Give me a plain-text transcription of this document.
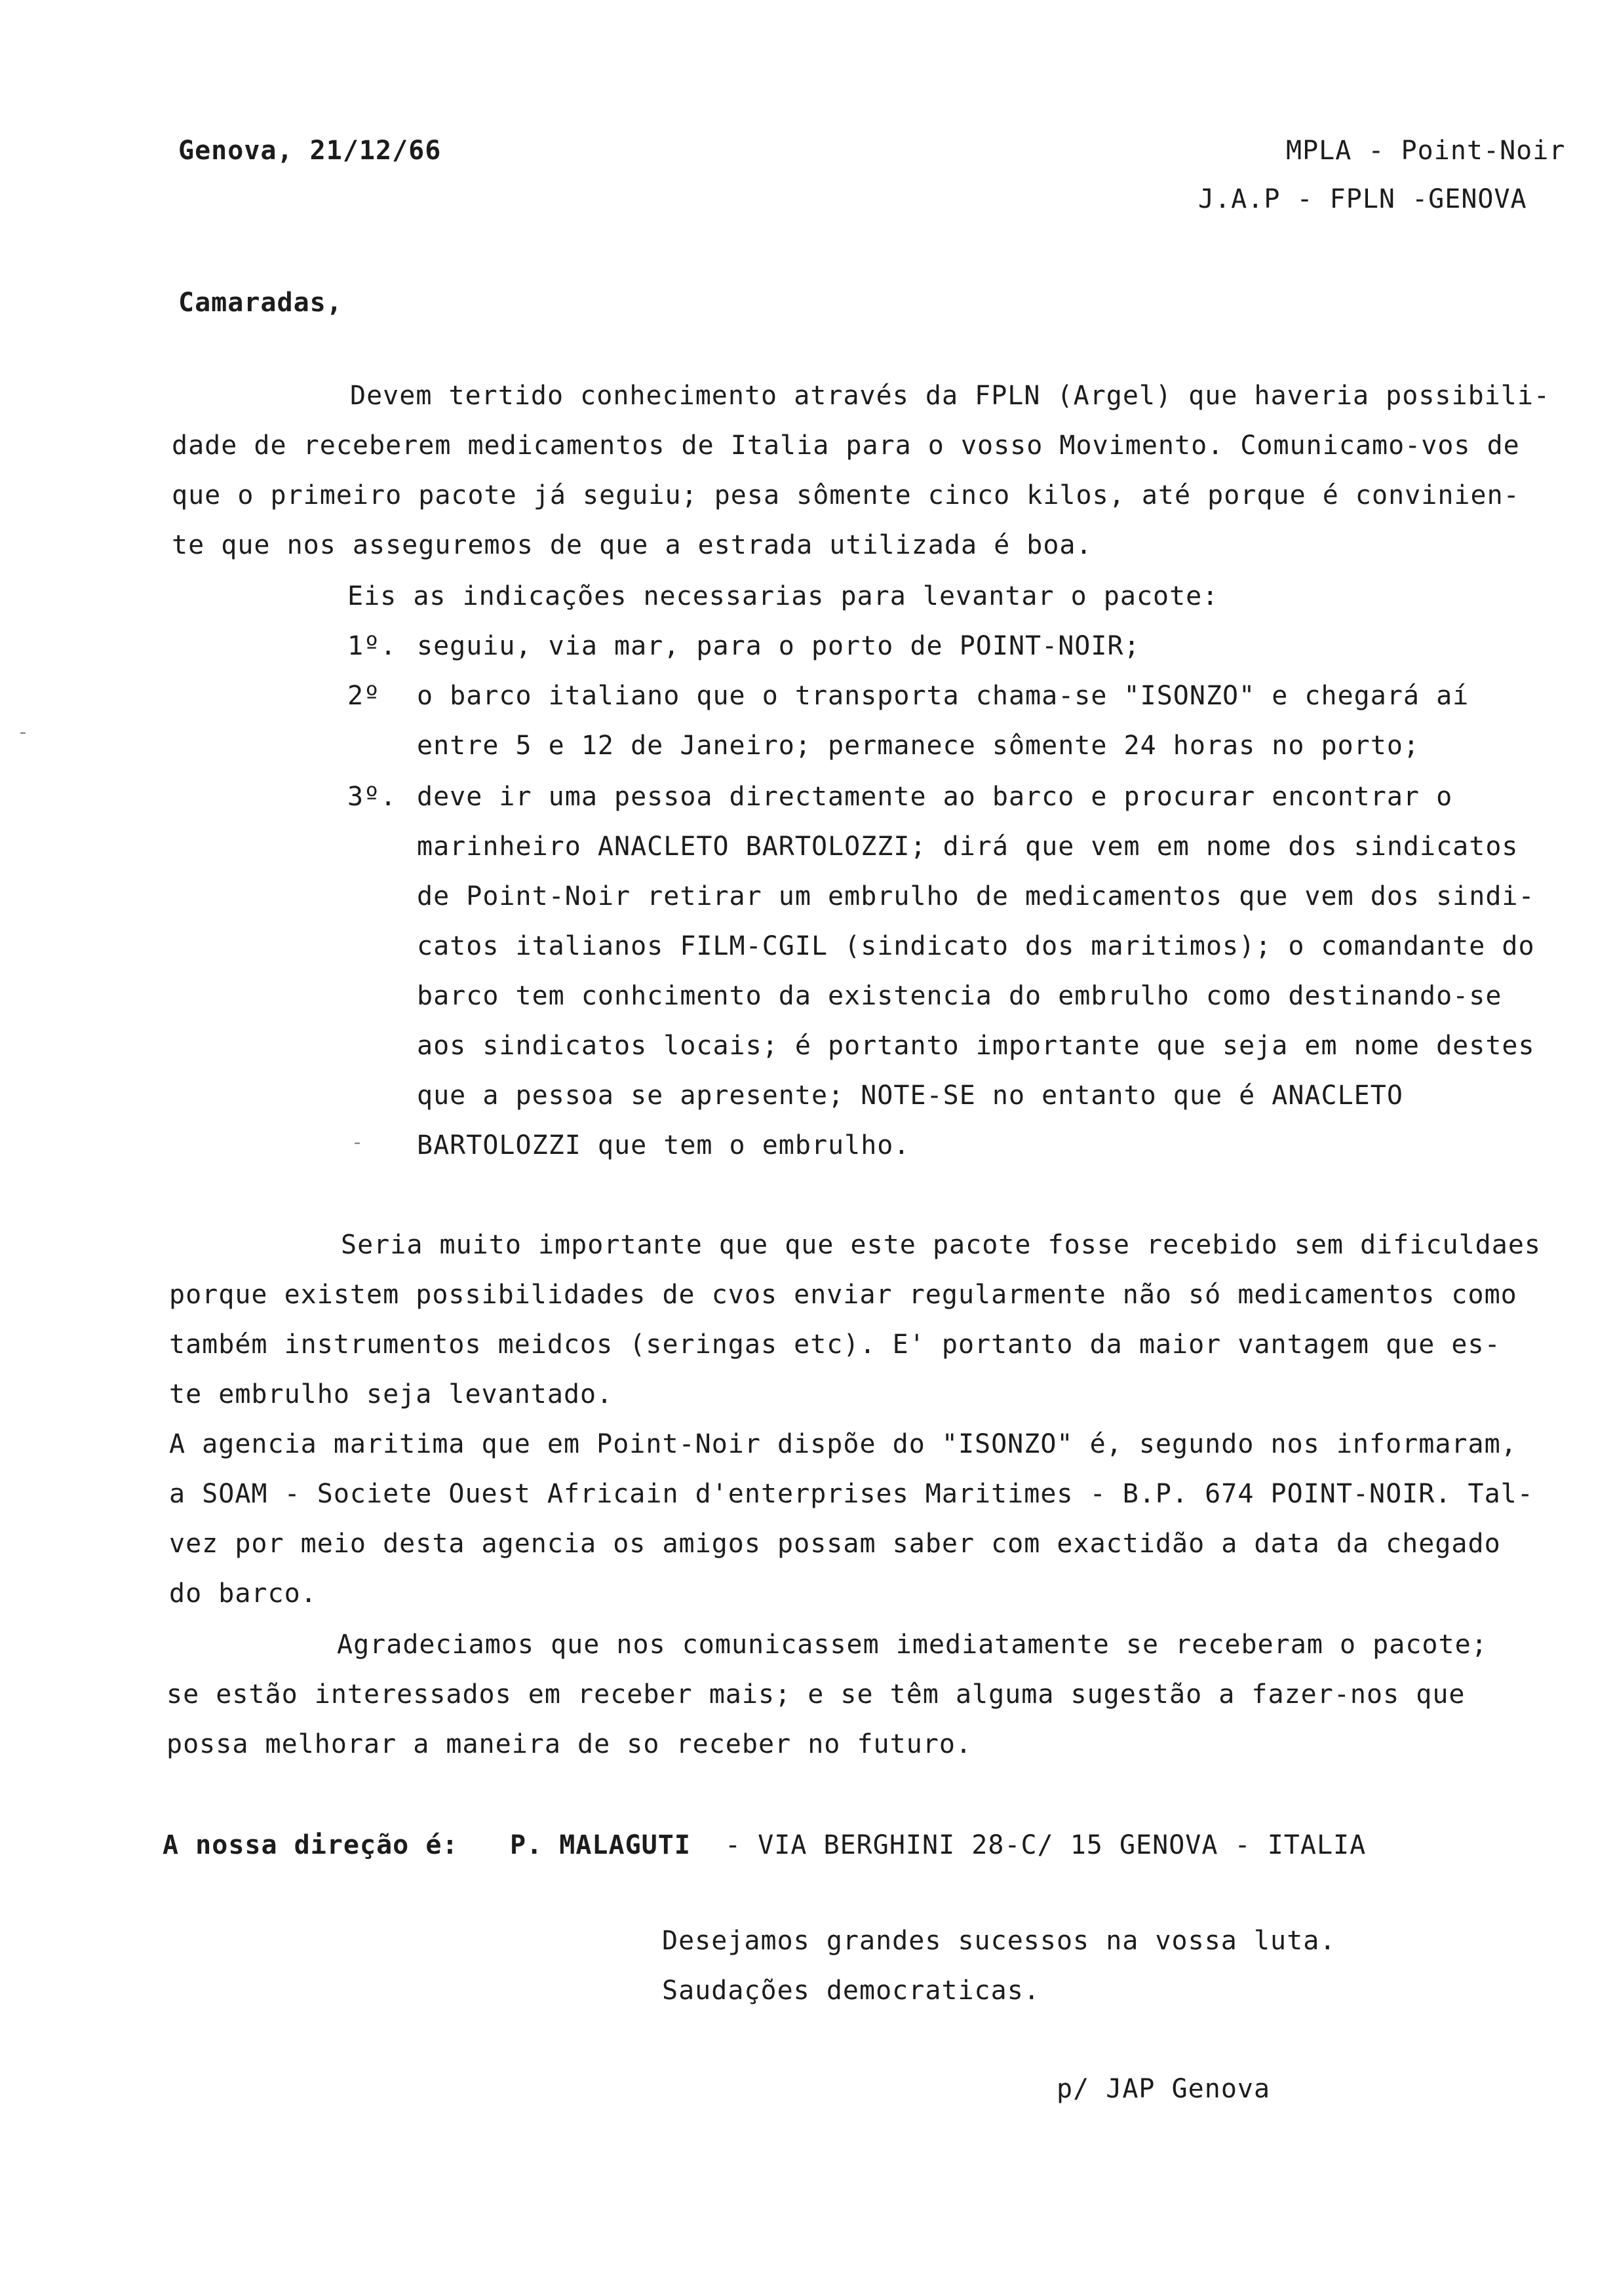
Genova, 21/12/66	MPLA - Point-Noir
J.A.P - FPLN -GENOVA
Camaradas,
Devem tertido conhecimento através da FPLN (Argel) que haveria possibili-
dade de receberem medicamentos de Italia para o vosso Movimento. Comunicamo-vos de
que o primeiro pacote já seguiu; pesa sômente cinco kilos, até porque é convinien-
te que nos asseguremos de que a estrada utilizada é boa.
Eis as indicações necessarias para levantar o pacote:
1º. seguiu, via mar, para o porto de POINT-NOIR;
2º o barco italiano que o transporta chama-se "ISONZO" e chegará aí
entre 5 e 12 de Janeiro; permanece sômente 24 horas no porto;
3º. deve ir uma pessoa directamente ao barco e procurar encontrar o
marinheiro ANACLETO BARTOLOZZI; dirá que vem em nome dos sindicatos
de Point-Noir retirar um embrulho de medicamentos que vem dos sindi-
catos italianos FILM-CGIL (sindicato dos maritimos); o comandante do
barco tem conhcimento da existencia do embrulho como destinando-se
aos sindicatos locais; é portanto importante que seja em nome destes
que a pessoa se apresente; NOTE-SE no entanto que é ANACLETO
BARTOLOZZI que tem o embrulho.
Seria muito importante que que este pacote fosse recebido sem dificuldaes
porque existem possibilidades de cvos enviar regularmente não só medicamentos como
também instrumentos meidcos (seringas etc). E' portanto da maior vantagem que es-
te embrulho seja levantado.
A agencia maritima que em Point-Noir dispõe do "ISONZO" é, segundo nos informaram,
a SOAM - Societe Ouest Africain d'enterprises Maritimes - B.P. 674 POINT-NOIR. Tal-
vez por meio desta agencia os amigos possam saber com exactidão a data da chegado
do barco.
Agradeciamos que nos comunicassem imediatamente se receberam o pacote;
se estão interessados em receber mais; e se têm alguma sugestão a fazer-nos que
possa melhorar a maneira de so receber no futuro.
A nossa direção é: P. MALAGUTI - VIA BERGHINI 28-C/ 15 GENOVA - ITALIA
Desejamos grandes sucessos na vossa luta.
Saudações democraticas.
p/ JAP Genova
-
-
